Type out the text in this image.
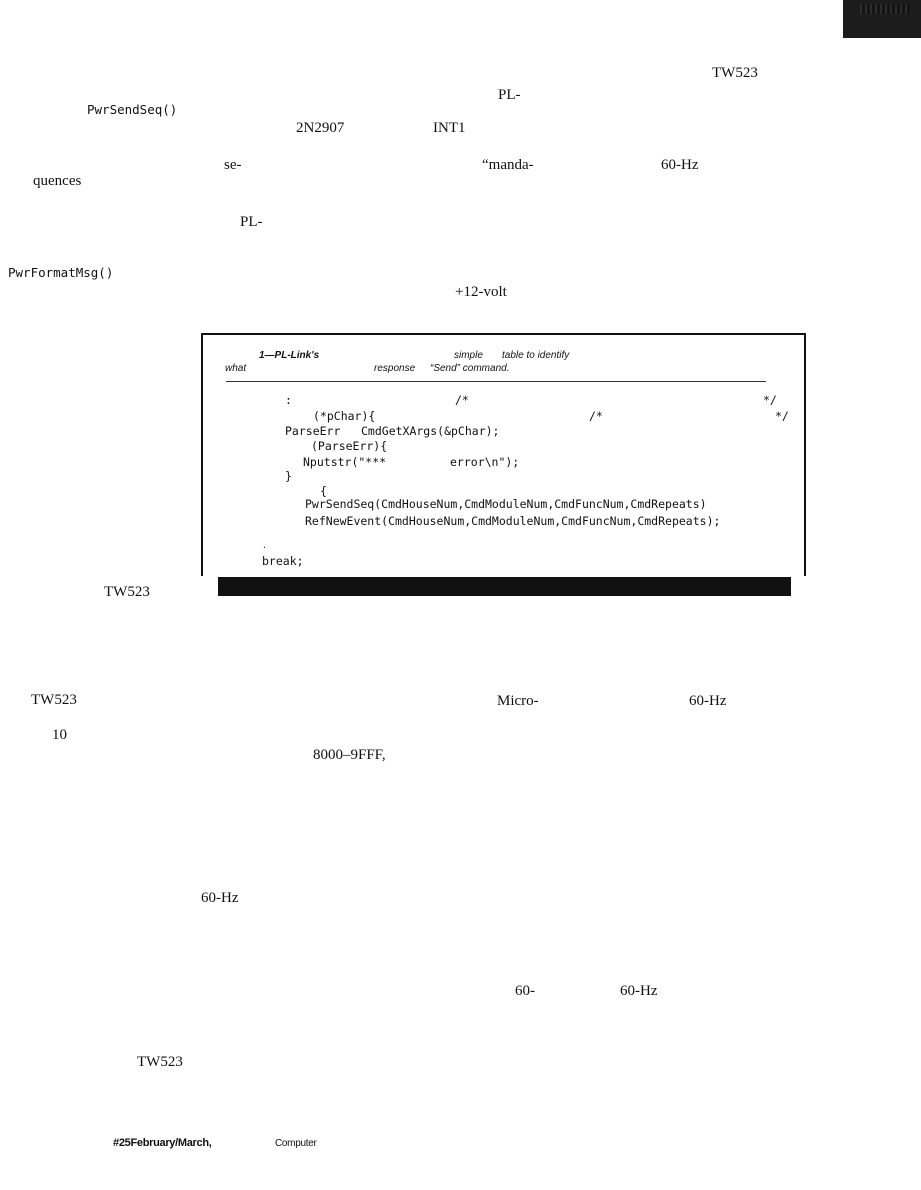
TW523
PL-
PwrSendSeq()
2N2907	INT1
se-	“manda-	60-Hz
quences
PL-
PwrFormatMsg()
+12-volt
1—PL-Link's	simple table to identify
what	response “Send” command.
:	/*	*/
(*pChar){	/*	*/
ParseErr CmdGetXArgs(&pChar);
(ParseErr){
Nputstr("***	error\n");
}
{
PwrSendSeq(CmdHouseNum,CmdModuleNum,CmdFuncNum,CmdRepeats)
RefNewEvent(CmdHouseNum,CmdModuleNum,CmdFuncNum,CmdRepeats);
.
break;
TW523
TW523	Micro-	60-Hz
10
8000–9FFF,
60-Hz
60-	60-Hz
TW523
#25February/March,	Computer
